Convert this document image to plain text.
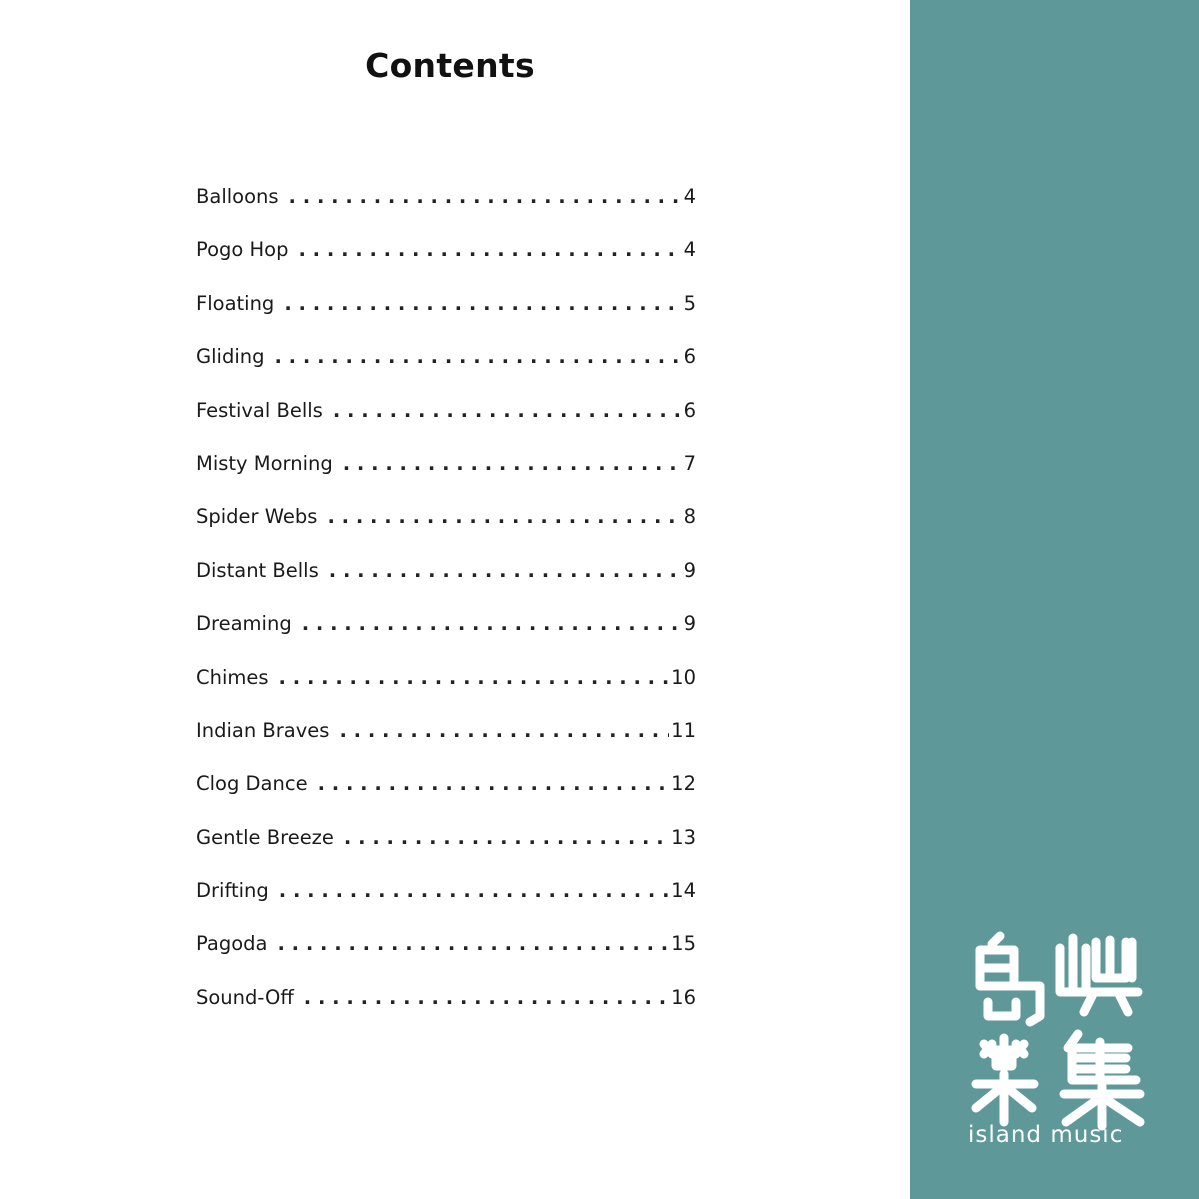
Contents
Balloons . . .	4
Pogo Hop . . .	4
Floating . . .	5
Gliding . . .	6
Festival Bells . . .	6
Misty Morning . . .	7
Spider Webs . . .	8
Distant Bells . . .	9
Dreaming . . .	9
Chimes . . .	10
Indian Braves . . .	11
Clog Dance . . .	12
Gentle Breeze . . .	13
Drifting . . .	14
Pagoda . . .	15
Sound-Off . . .	16
island music
